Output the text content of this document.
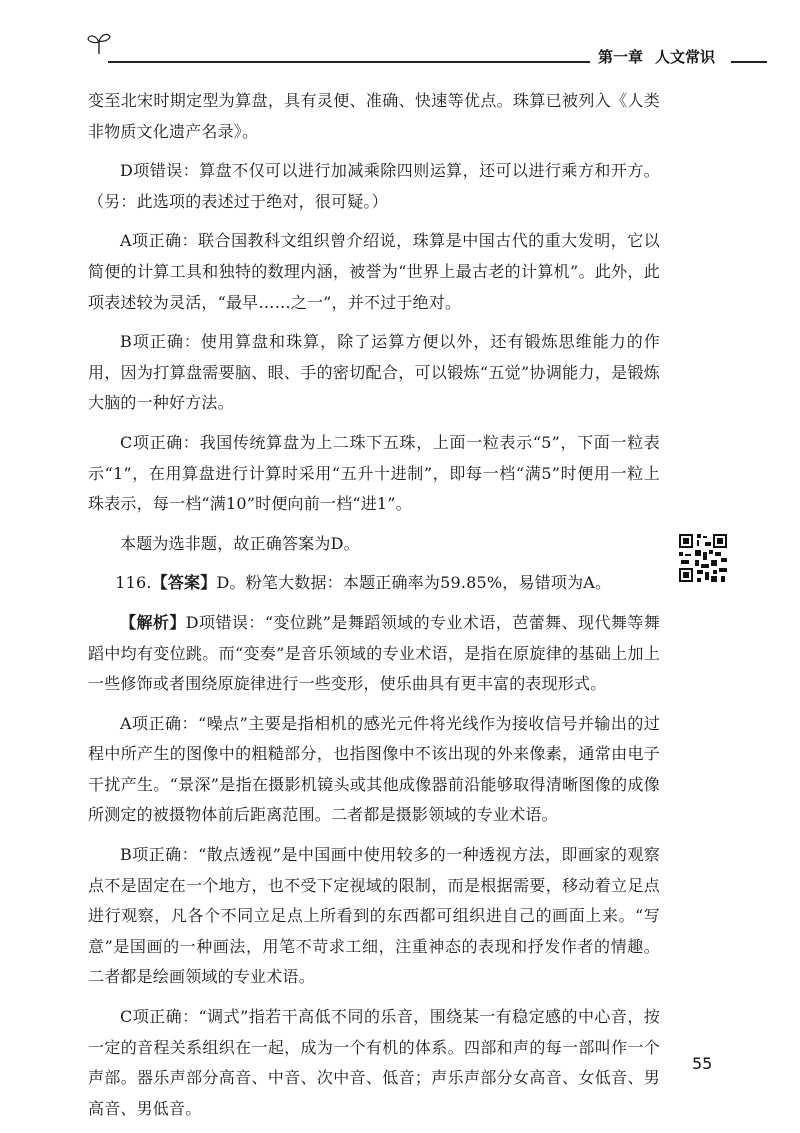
第一章 人文常识

变至北宋时期定型为算盘，具有灵便、准确、快速等优点。珠算已被列入《人类非物质文化遗产名录》。

D项错误：算盘不仅可以进行加减乘除四则运算，还可以进行乘方和开方。（另：此选项的表述过于绝对，很可疑。）

A项正确：联合国教科文组织曾介绍说，珠算是中国古代的重大发明，它以简便的计算工具和独特的数理内涵，被誉为“世界上最古老的计算机”。此外，此项表述较为灵活，“最早……之一”，并不过于绝对。

B项正确：使用算盘和珠算，除了运算方便以外，还有锻炼思维能力的作用，因为打算盘需要脑、眼、手的密切配合，可以锻炼“五觉”协调能力，是锻炼大脑的一种好方法。

C项正确：我国传统算盘为上二珠下五珠，上面一粒表示“5”，下面一粒表示“1”，在用算盘进行计算时采用“五升十进制”，即每一档“满5”时便用一粒上珠表示，每一档“满10”时便向前一档“进1”。

本题为选非题，故正确答案为D。

116.【答案】D。粉笔大数据：本题正确率为59.85%，易错项为A。

【解析】D项错误：“变位跳”是舞蹈领域的专业术语，芭蕾舞、现代舞等舞蹈中均有变位跳。而“变奏”是音乐领域的专业术语，是指在原旋律的基础上加上一些修饰或者围绕原旋律进行一些变形，使乐曲具有更丰富的表现形式。

A项正确：“噪点”主要是指相机的感光元件将光线作为接收信号并输出的过程中所产生的图像中的粗糙部分，也指图像中不该出现的外来像素，通常由电子干扰产生。“景深”是指在摄影机镜头或其他成像器前沿能够取得清晰图像的成像所测定的被摄物体前后距离范围。二者都是摄影领域的专业术语。

B项正确：“散点透视”是中国画中使用较多的一种透视方法，即画家的观察点不是固定在一个地方，也不受下定视域的限制，而是根据需要，移动着立足点进行观察，凡各个不同立足点上所看到的东西都可组织进自己的画面上来。“写意”是国画的一种画法，用笔不苛求工细，注重神态的表现和抒发作者的情趣。二者都是绘画领域的专业术语。

C项正确：“调式”指若干高低不同的乐音，围绕某一有稳定感的中心音，按一定的音程关系组织在一起，成为一个有机的体系。四部和声的每一部叫作一个声部。器乐声部分高音、中音、次中音、低音；声乐声部分女高音、女低音、男高音、男低音。

55
